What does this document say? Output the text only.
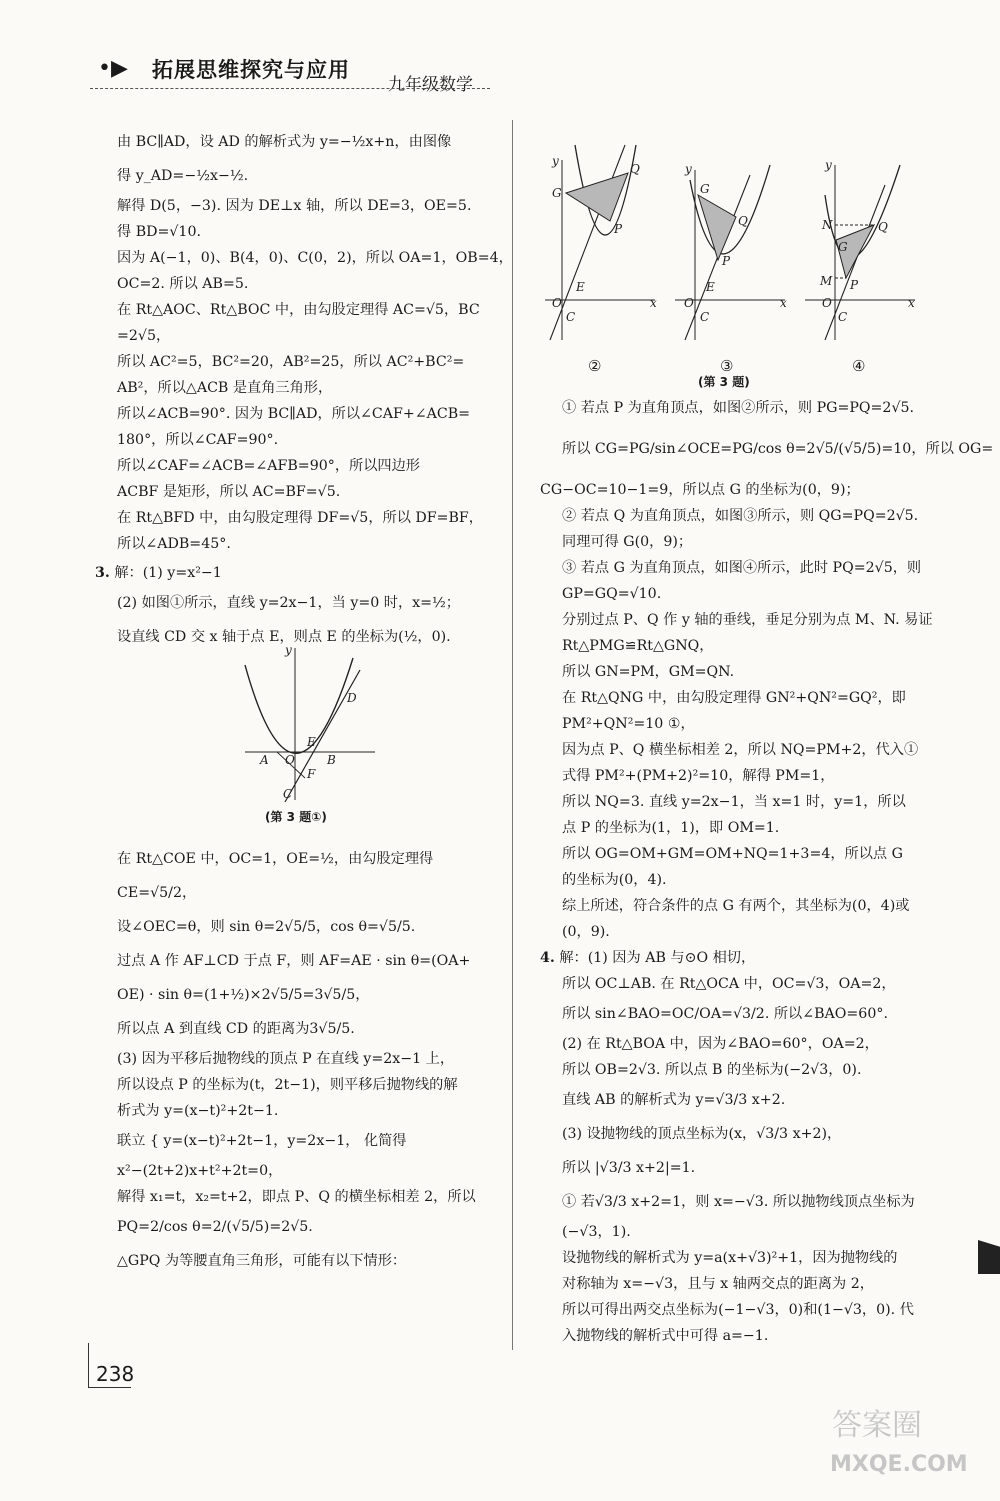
•▶ 拓展思维探究与应用
九年级数学

由 BC∥AD，设 AD 的解析式为 y=−½x+n，由图像

得 y_AD=−½x−½.

解得 D(5，−3). 因为 DE⊥x 轴，所以 DE=3，OE=5.

得 BD=√10.

因为 A(−1，0)、B(4，0)、C(0，2)，所以 OA=1，OB=4，

OC=2. 所以 AB=5.

在 Rt△AOC、Rt△BOC 中，由勾股定理得 AC=√5，BC

=2√5，

所以 AC²=5，BC²=20，AB²=25，所以 AC²+BC²=

AB²，所以△ACB 是直角三角形，

所以∠ACB=90°. 因为 BC∥AD，所以∠CAF+∠ACB=

180°，所以∠CAF=90°.

所以∠CAF=∠ACB=∠AFB=90°，所以四边形

ACBF 是矩形，所以 AC=BF=√5.

在 Rt△BFD 中，由勾股定理得 DF=√5，所以 DF=BF，

所以∠ADB=45°.

3. 解：(1) y=x²−1

(2) 如图①所示，直线 y=2x−1，当 y=0 时，x=½；

设直线 CD 交 x 轴于点 E，则点 E 的坐标为(½，0).

y
D
E
A O	B
F
C
(第 3 题①)

在 Rt△COE 中，OC=1，OE=½，由勾股定理得

CE=√5/2，

设∠OEC=θ，则 sin θ=2√5/5，cos θ=√5/5.

过点 A 作 AF⊥CD 于点 F，则 AF=AE · sin θ=(OA+

OE) · sin θ=(1+½)×2√5/5=3√5/5，

所以点 A 到直线 CD 的距离为3√5/5.

(3) 因为平移后抛物线的顶点 P 在直线 y=2x−1 上，

所以设点 P 的坐标为(t，2t−1)，则平移后抛物线的解

析式为 y=(x−t)²+2t−1.

联立 { y=(x−t)²+2t−1，y=2x−1， 化简得

x²−(2t+2)x+t²+2t=0，

解得 x₁=t，x₂=t+2，即点 P、Q 的横坐标相差 2，所以

PQ=2/cos θ=2/(√5/5)=2√5.

△GPQ 为等腰直角三角形，可能有以下情形：

y
Q
G
P
O
E
x
C
y
G
Q
P
O
E
x
C
y
N	Q
G
M P
O	x
C
②	③	④
(第 3 题)

① 若点 P 为直角顶点，如图②所示，则 PG=PQ=2√5.

所以 CG=PG/sin∠OCE=PG/cos θ=2√5/(√5/5)=10，所以 OG=

CG−OC=10−1=9，所以点 G 的坐标为(0，9)；

② 若点 Q 为直角顶点，如图③所示，则 QG=PQ=2√5.

同理可得 G(0，9)；

③ 若点 G 为直角顶点，如图④所示，此时 PQ=2√5，则

GP=GQ=√10.

分别过点 P、Q 作 y 轴的垂线，垂足分别为点 M、N. 易证

Rt△PMG≌Rt△GNQ，

所以 GN=PM，GM=QN.

在 Rt△QNG 中，由勾股定理得 GN²+QN²=GQ²，即

PM²+QN²=10 ①，

因为点 P、Q 横坐标相差 2，所以 NQ=PM+2，代入①

式得 PM²+(PM+2)²=10，解得 PM=1，

所以 NQ=3. 直线 y=2x−1，当 x=1 时，y=1，所以

点 P 的坐标为(1，1)，即 OM=1.

所以 OG=OM+GM=OM+NQ=1+3=4，所以点 G

的坐标为(0，4).

综上所述，符合条件的点 G 有两个，其坐标为(0，4)或

(0，9).

4. 解：(1) 因为 AB 与⊙O 相切，

所以 OC⊥AB. 在 Rt△OCA 中，OC=√3，OA=2，

所以 sin∠BAO=OC/OA=√3/2. 所以∠BAO=60°.

(2) 在 Rt△BOA 中，因为∠BAO=60°，OA=2，

所以 OB=2√3. 所以点 B 的坐标为(−2√3，0).

直线 AB 的解析式为 y=√3/3 x+2.

(3) 设抛物线的顶点坐标为(x，√3/3 x+2)，

所以 |√3/3 x+2|=1.

① 若√3/3 x+2=1，则 x=−√3. 所以抛物线顶点坐标为

(−√3，1).

设抛物线的解析式为 y=a(x+√3)²+1，因为抛物线的

对称轴为 x=−√3，且与 x 轴两交点的距离为 2，

所以可得出两交点坐标为(−1−√3，0)和(1−√3，0). 代

入抛物线的解析式中可得 a=−1.

238
答案圈
MXQE.COM
